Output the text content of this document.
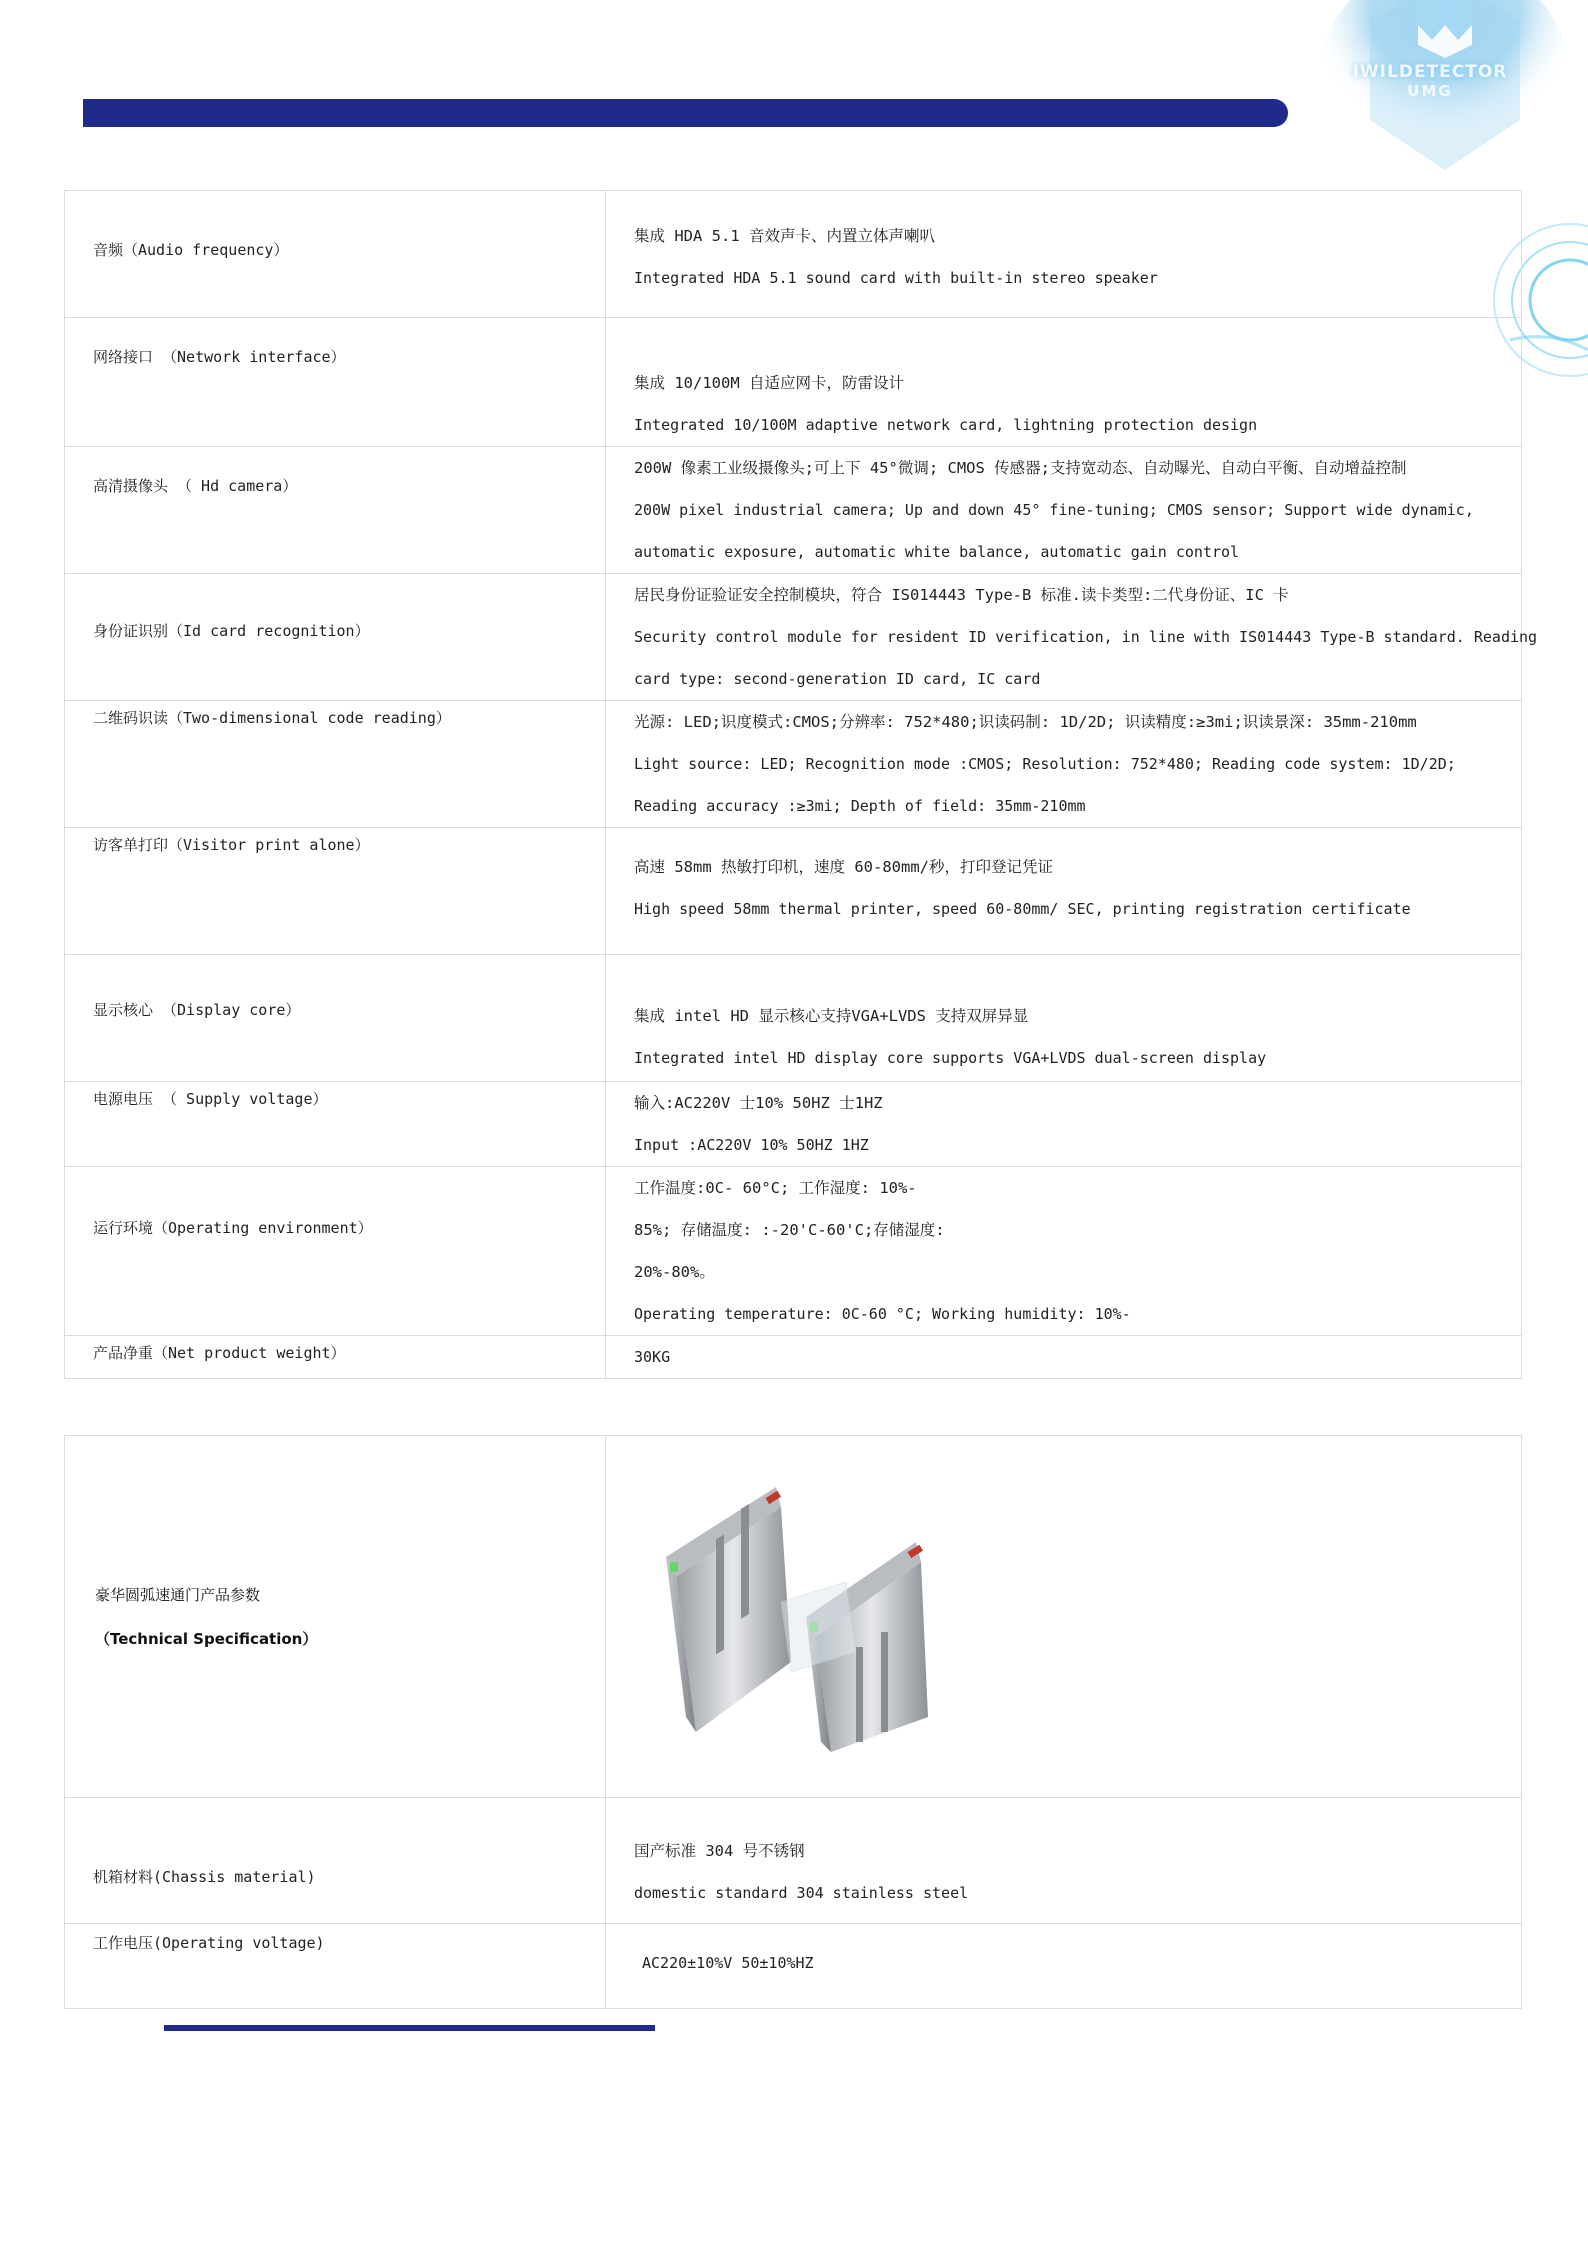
IWILDETECTOR
UMG
音频（Audio frequency）	集成 HDA 5.1 音效声卡、内置立体声喇叭

Integrated HDA 5.1 sound card with built-in stereo speaker

网络接口 （Network interface）	集成 10/100M 自适应网卡，防雷设计

Integrated 10/100M adaptive network card, lightning protection design

高清摄像头 （ Hd camera）	200W 像素工业级摄像头;可上下 45°微调; CMOS 传感器;支持宽动态、自动曝光、自动白平衡、自动增益控制

200W pixel industrial camera; Up and down 45° fine-tuning; CMOS sensor; Support wide dynamic,

automatic exposure, automatic white balance, automatic gain control

身份证识别（Id card recognition）	居民身份证验证安全控制模块，符合 IS014443 Type-B 标准.读卡类型:二代身份证、IC 卡

Security control module for resident ID verification, in line with IS014443 Type-B standard. Reading

card type: second-generation ID card, IC card

二维码识读（Two-dimensional code reading）	光源: LED;识度模式:CMOS;分辨率: 752*480;识读码制: 1D/2D; 识读精度:≥3mi;识读景深: 35mm-210mm

Light source: LED; Recognition mode :CMOS; Resolution: 752*480; Reading code system: 1D/2D;

Reading accuracy :≥3mi; Depth of field: 35mm-210mm

访客单打印（Visitor print alone）	高速 58mm 热敏打印机，速度 60-80mm/秒，打印登记凭证

High speed 58mm thermal printer, speed 60-80mm/ SEC, printing registration certificate

显示核心 （Display core）	集成 intel HD 显示核心支持VGA+LVDS 支持双屏异显

Integrated intel HD display core supports VGA+LVDS dual-screen display

电源电压 （ Supply voltage）	输入:AC220V 士10% 50HZ 士1HZ

Input :AC220V 10% 50HZ 1HZ

运行环境（Operating environment）	工作温度:0C- 60°C; 工作湿度: 10%-

85%; 存储温度: :-20'C-60'C;存储湿度:

20%-80%。

Operating temperature: 0C-60 °C; Working humidity: 10%-

产品净重（Net product weight）	30KG

豪华圆弧速通门产品参数
（Technical Specification）

机箱材料(Chassis material)	国产标准 304 号不锈钢

domestic standard 304 stainless steel

工作电压(Operating voltage)	AC220±10%V 50±10%HZ
